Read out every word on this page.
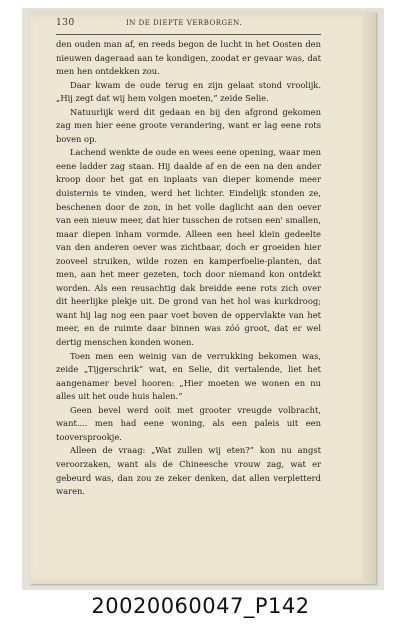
130	IN DE DIEPTE VERBORGEN.

den ouden man af, en reeds begon de lucht in het Oosten den nieuwen dageraad aan te kondigen, zoodat er gevaar was, dat men hen ontdekken zou.

Daar kwam de oude terug en zijn gelaat stond vroolijk. „Hij zegt dat wij hem volgen moeten,” zeide Selie.

Natuurlijk werd dit gedaan en bij den afgrond gekomen zag men hier eene groote verandering, want er lag eene rots boven op.

Lachend wenkte de oude en wees eene opening, waar men eene ladder zag staan. Hij daalde af en de een na den ander kroop door het gat en inplaats van dieper komende meer duisternis te vinden, werd het lichter. Eindelijk stonden ze, beschenen door de zon, in het volle daglicht aan den oever van een nieuw meer, dat hier tusschen de rotsen een' smallen, maar diepen inham vormde. Alleen een heel klein gedeelte van den anderen oever was zichtbaar, doch er groeiden hier zooveel struiken, wilde rozen en kamperfoelie-planten, dat men, aan het meer gezeten, toch door niemand kon ontdekt worden. Als een reusachtig dak breidde eene rots zich over dit heerlijke plekje uit. De grond van het hol was kurkdroog; want hij lag nog een paar voet boven de oppervlakte van het meer, en de ruimte daar binnen was zóó groot, dat er wel dertig menschen konden wonen.

Toen men een weinig van de verrukking bekomen was, zeide „Tijgerschrik” wat, en Selie, dit vertalende, liet het aangenamer bevel hooren: „Hier moeten we wonen en nu alles uit het oude huis halen.”

Geen bevel werd ooit met grooter vreugde volbracht, want.... men had eene woning, als een paleis uit een tooversprookje.

Alleen de vraag: „Wat zullen wij eten?” kon nu angst veroorzaken, want als de Chineesche vrouw zag, wat er gebeurd was, dan zou ze zeker denken, dat allen verpletterd waren.

20020060047_P142
